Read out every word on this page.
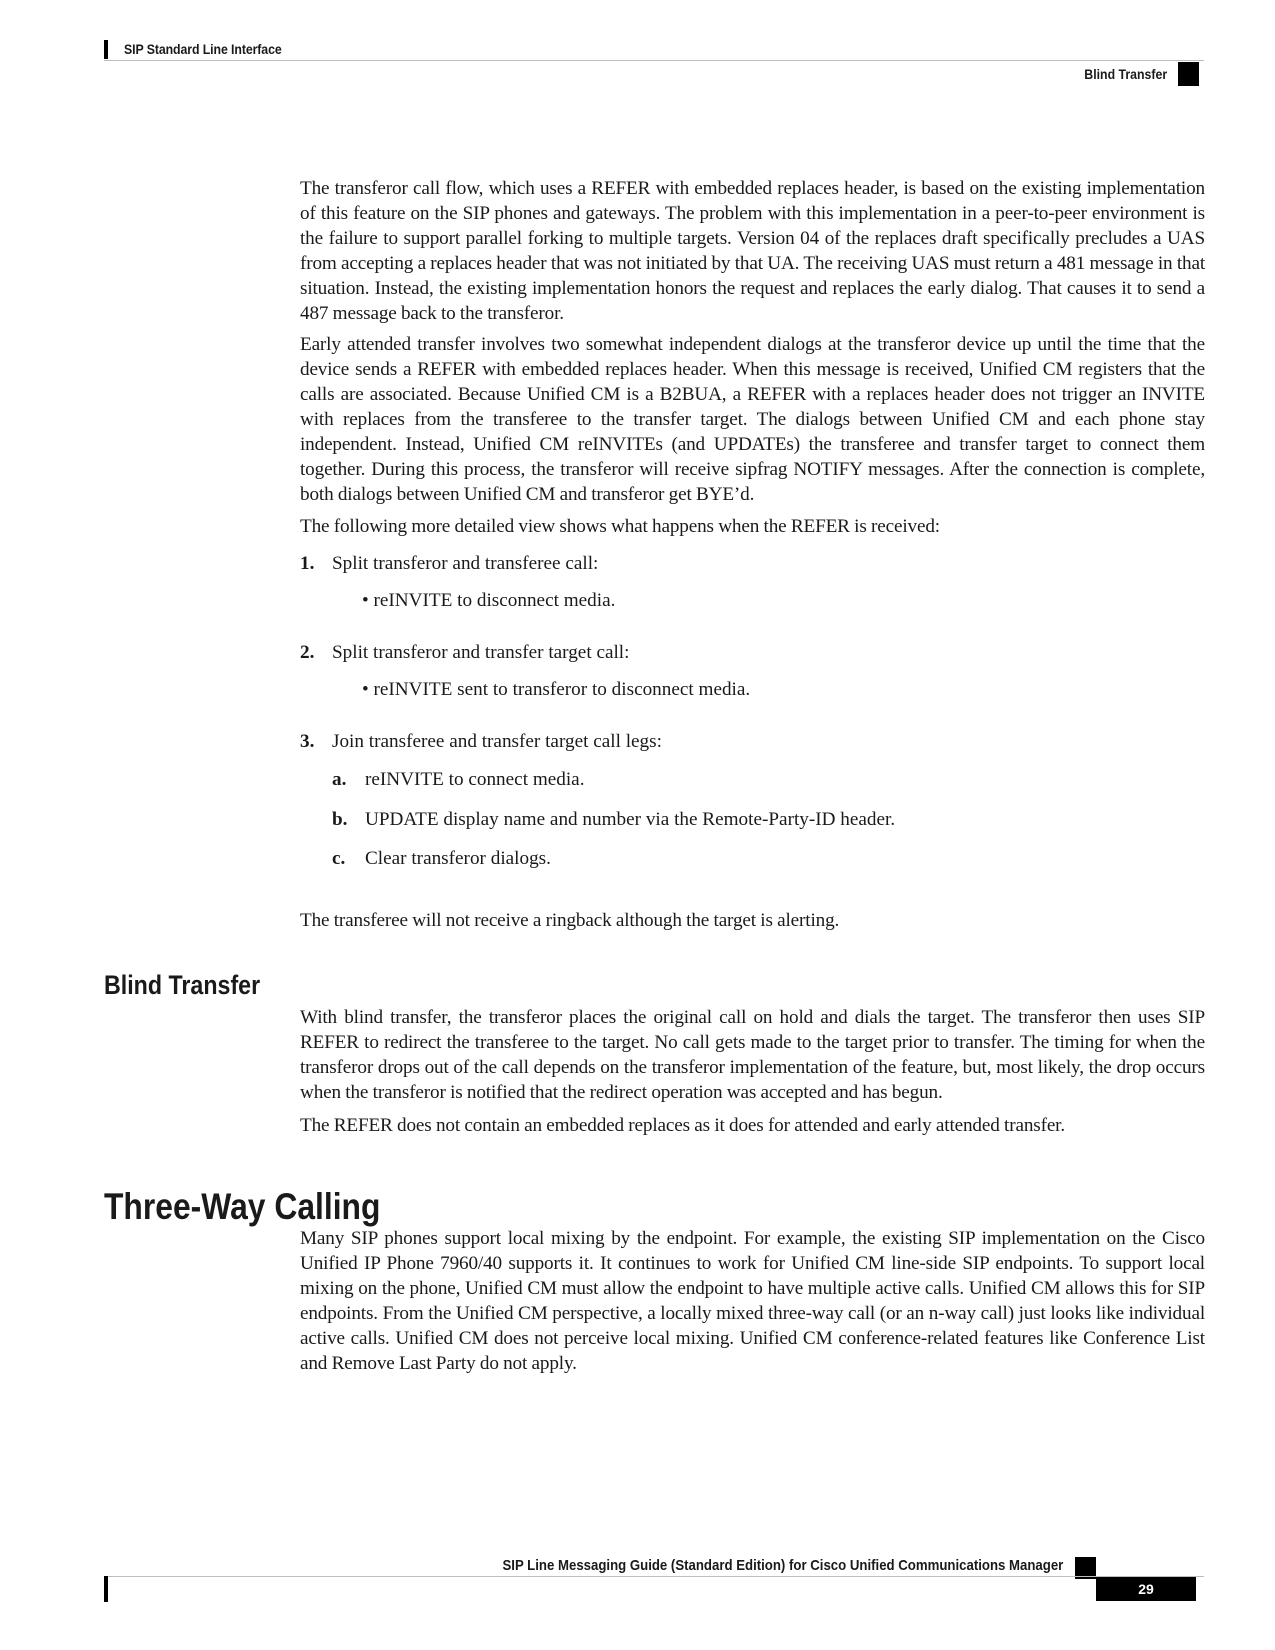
SIP Standard Line Interface
Blind Transfer

The transferor call flow, which uses a REFER with embedded replaces header, is based on the existing implementation of this feature on the SIP phones and gateways. The problem with this implementation in a peer-to-peer environment is the failure to support parallel forking to multiple targets. Version 04 of the replaces draft specifically precludes a UAS from accepting a replaces header that was not initiated by that UA. The receiving UAS must return a 481 message in that situation. Instead, the existing implementation honors the request and replaces the early dialog. That causes it to send a 487 message back to the transferor.

Early attended transfer involves two somewhat independent dialogs at the transferor device up until the time that the device sends a REFER with embedded replaces header. When this message is received, Unified CM registers that the calls are associated. Because Unified CM is a B2BUA, a REFER with a replaces header does not trigger an INVITE with replaces from the transferee to the transfer target. The dialogs between Unified CM and each phone stay independent. Instead, Unified CM reINVITEs (and UPDATEs) the transferee and transfer target to connect them together. During this process, the transferor will receive sipfrag NOTIFY messages. After the connection is complete, both dialogs between Unified CM and transferor get BYE’d.

The following more detailed view shows what happens when the REFER is received:

1. Split transferor and transferee call:
• reINVITE to disconnect media.
2. Split transferor and transfer target call:
• reINVITE sent to transferor to disconnect media.
3. Join transferee and transfer target call legs:
a. reINVITE to connect media.
b. UPDATE display name and number via the Remote-Party-ID header.
c. Clear transferor dialogs.

The transferee will not receive a ringback although the target is alerting.

Blind Transfer

With blind transfer, the transferor places the original call on hold and dials the target. The transferor then uses SIP REFER to redirect the transferee to the target. No call gets made to the target prior to transfer. The timing for when the transferor drops out of the call depends on the transferor implementation of the feature, but, most likely, the drop occurs when the transferor is notified that the redirect operation was accepted and has begun.

The REFER does not contain an embedded replaces as it does for attended and early attended transfer.

Three-Way Calling

Many SIP phones support local mixing by the endpoint. For example, the existing SIP implementation on the Cisco Unified IP Phone 7960/40 supports it. It continues to work for Unified CM line-side SIP endpoints. To support local mixing on the phone, Unified CM must allow the endpoint to have multiple active calls. Unified CM allows this for SIP endpoints. From the Unified CM perspective, a locally mixed three-way call (or an n-way call) just looks like individual active calls. Unified CM does not perceive local mixing. Unified CM conference-related features like Conference List and Remove Last Party do not apply.

SIP Line Messaging Guide (Standard Edition) for Cisco Unified Communications Manager
29
